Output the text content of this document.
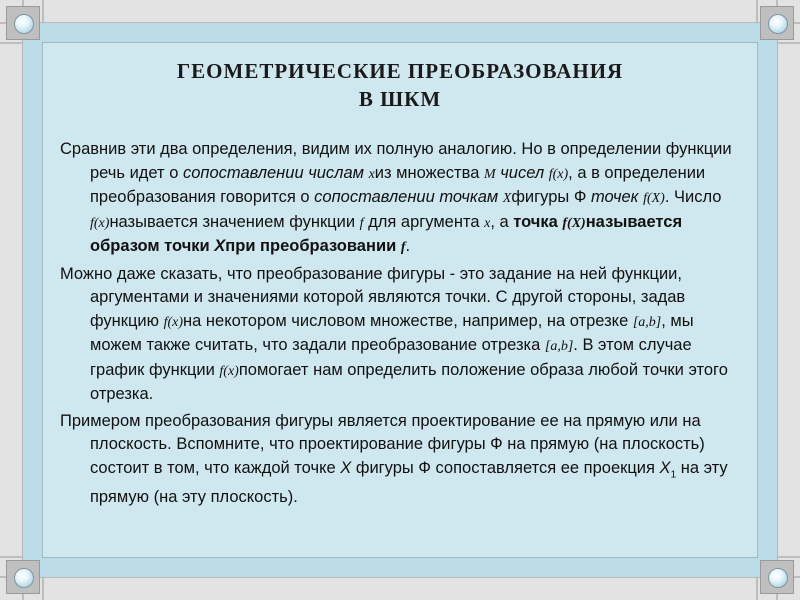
ГЕОМЕТРИЧЕСКИЕ ПРЕОБРАЗОВАНИЯ
В ШКМ
Сравнив эти два определения, видим их полную аналогию. Но в определении функции речь идет о сопоставлении числам xиз множества M чисел f(x), а в определении преобразования говорится о сопоставлении точкам Xфигуры Ф точек f(X). Число f(x)называется значением функции f для аргумента x, а точка f(X)называется образом точки Xпри преобразовании f.
Можно даже сказать, что преобразование фигуры - это задание на ней функции, аргументами и значениями которой являются точки. С другой стороны, задав функцию f(x)на некотором числовом множестве, например, на отрезке [a,b], мы можем также считать, что задали преобразование отрезка [a,b]. В этом случае график функции f(x)помогает нам определить положение образа любой точки этого отрезка.
Примером преобразования фигуры является проектирование ее на прямую или на плоскость. Вспомните, что проектирование фигуры Ф на прямую (на плоскость) состоит в том, что каждой точке X фигуры Ф сопоставляется ее проекция $X_1$ на эту прямую (на эту плоскость).
